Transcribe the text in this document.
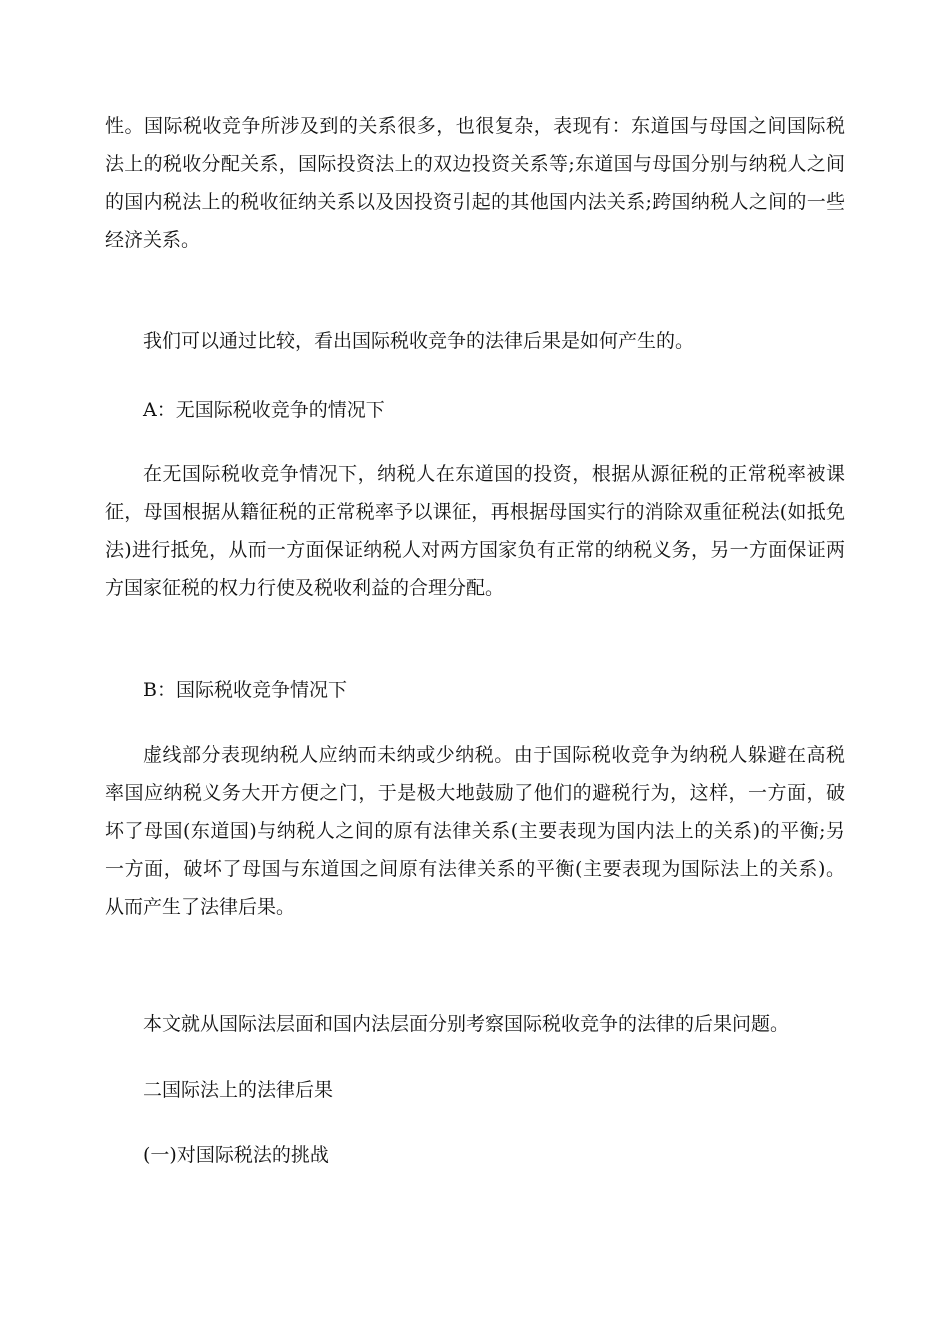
性。国际税收竞争所涉及到的关系很多，也很复杂，表现有：东道国与母国之间国际税
法上的税收分配关系，国际投资法上的双边投资关系等;东道国与母国分别与纳税人之间
的国内税法上的税收征纳关系以及因投资引起的其他国内法关系;跨国纳税人之间的一些
经济关系。
我们可以通过比较，看出国际税收竞争的法律后果是如何产生的。
A：无国际税收竞争的情况下
在无国际税收竞争情况下，纳税人在东道国的投资，根据从源征税的正常税率被课
征，母国根据从籍征税的正常税率予以课征，再根据母国实行的消除双重征税法(如抵免
法)进行抵免，从而一方面保证纳税人对两方国家负有正常的纳税义务，另一方面保证两
方国家征税的权力行使及税收利益的合理分配。
B：国际税收竞争情况下
虚线部分表现纳税人应纳而未纳或少纳税。由于国际税收竞争为纳税人躲避在高税
率国应纳税义务大开方便之门，于是极大地鼓励了他们的避税行为，这样，一方面，破
坏了母国(东道国)与纳税人之间的原有法律关系(主要表现为国内法上的关系)的平衡;另
一方面，破坏了母国与东道国之间原有法律关系的平衡(主要表现为国际法上的关系)。
从而产生了法律后果。
本文就从国际法层面和国内法层面分别考察国际税收竞争的法律的后果问题。
二国际法上的法律后果
(一)对国际税法的挑战
